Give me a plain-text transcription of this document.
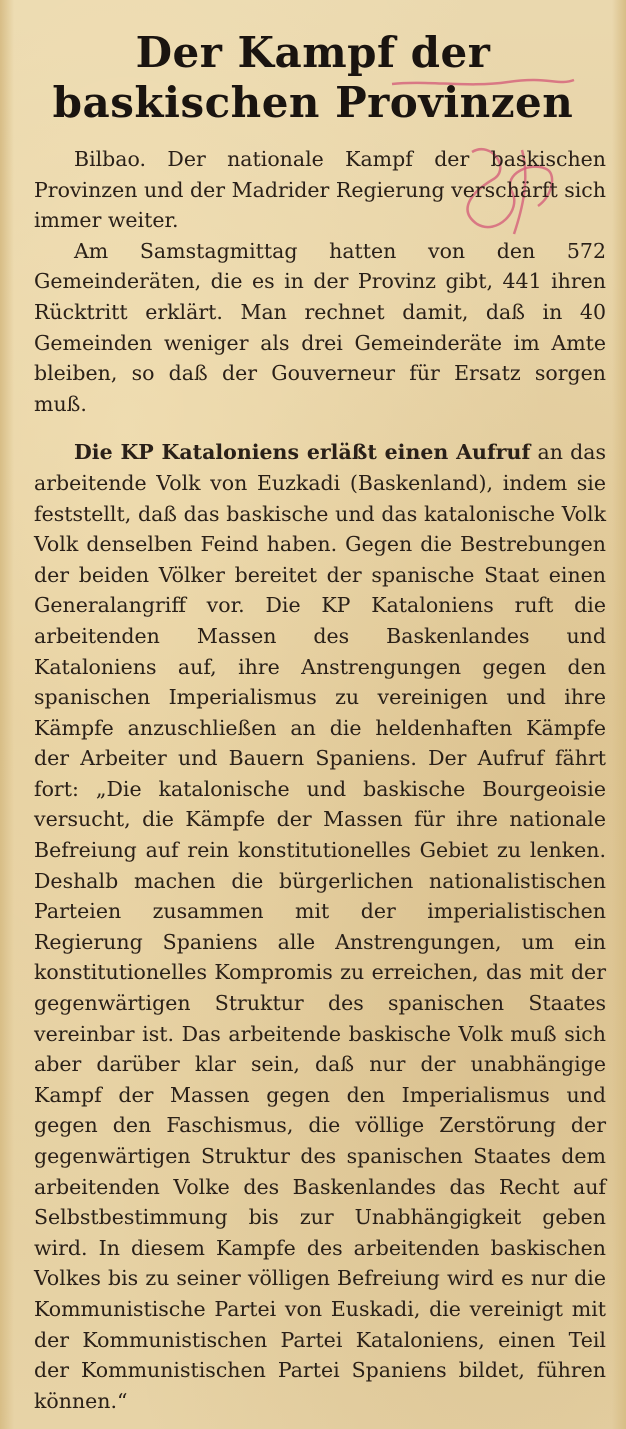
Der Kampf der baskischen Provinzen

Bilbao. Der nationale Kampf der baskischen Provinzen und der Madrider Regierung verschärft sich immer weiter.

Am Samstagmittag hatten von den 572 Gemeinderäten, die es in der Provinz gibt, 441 ihren Rücktritt erklärt. Man rechnet damit, daß in 40 Gemeinden weniger als drei Gemeinderäte im Amte bleiben, so daß der Gouverneur für Ersatz sorgen muß.

Die KP Kataloniens erläßt einen Aufruf an das arbeitende Volk von Euzkadi (Baskenland), indem sie feststellt, daß das baskische und das katalonische Volk Volk denselben Feind haben. Gegen die Bestrebungen der beiden Völker bereitet der spanische Staat einen Generalangriff vor. Die KP Kataloniens ruft die arbeitenden Massen des Baskenlandes und Kataloniens auf, ihre Anstrengungen gegen den spanischen Imperialismus zu vereinigen und ihre Kämpfe anzuschließen an die heldenhaften Kämpfe der Arbeiter und Bauern Spaniens. Der Aufruf fährt fort: „Die katalonische und baskische Bourgeoisie versucht, die Kämpfe der Massen für ihre nationale Befreiung auf rein konstitutionelles Gebiet zu lenken. Deshalb machen die bürgerlichen nationalistischen Parteien zusammen mit der imperialistischen Regierung Spaniens alle Anstrengungen, um ein konstitutionelles Kompromis zu erreichen, das mit der gegenwärtigen Struktur des spanischen Staates vereinbar ist. Das arbeitende baskische Volk muß sich aber darüber klar sein, daß nur der unabhängige Kampf der Massen gegen den Imperialismus und gegen den Faschismus, die völlige Zerstörung der gegenwärtigen Struktur des spanischen Staates dem arbeitenden Volke des Baskenlandes das Recht auf Selbstbestimmung bis zur Unabhängigkeit geben wird. In diesem Kampfe des arbeitenden baskischen Volkes bis zu seiner völligen Befreiung wird es nur die Kommunistische Partei von Euskadi, die vereinigt mit der Kommunistischen Partei Kataloniens, einen Teil der Kommunistischen Partei Spaniens bildet, führen können.“
